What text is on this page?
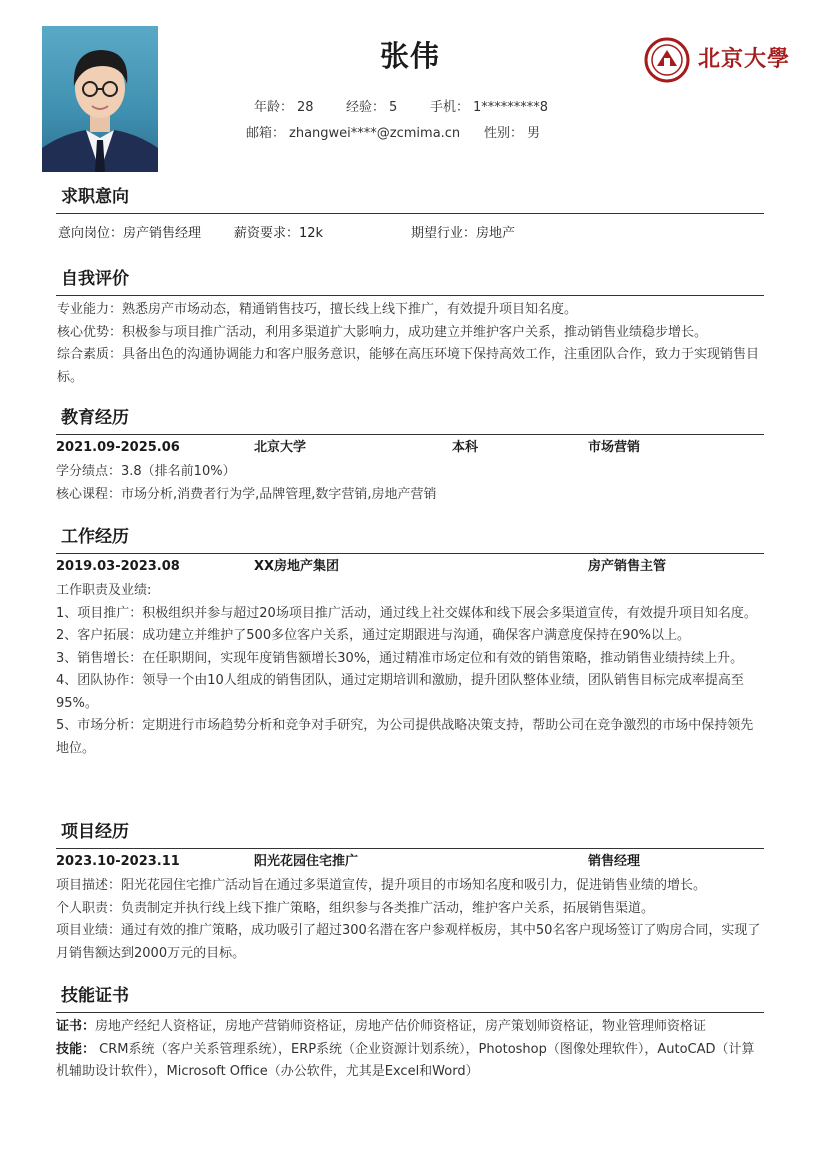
张伟
年龄： 28 经验： 5	手机： 1*********8
邮箱： zhangwei****@zcmima.cn 性别： 男
北京大學
求职意向
意向岗位：房产销售经理	薪资要求：12k	期望行业：房地产
自我评价
专业能力：熟悉房产市场动态，精通销售技巧，擅长线上线下推广，有效提升项目知名度。
核心优势：积极参与项目推广活动，利用多渠道扩大影响力，成功建立并维护客户关系，推动销售业绩稳步增长。
综合素质：具备出色的沟通协调能力和客户服务意识，能够在高压环境下保持高效工作，注重团队合作，致力于实现销售目标。
教育经历
2021.09-2025.06	北京大学	本科	市场营销
学分绩点：3.8（排名前10%）
核心课程：市场分析,消费者行为学,品牌管理,数字营销,房地产营销
工作经历
2019.03-2023.08	XX房地产集团	房产销售主管
工作职责及业绩:
1、项目推广：积极组织并参与超过20场项目推广活动，通过线上社交媒体和线下展会多渠道宣传，有效提升项目知名度。
2、客户拓展：成功建立并维护了500多位客户关系，通过定期跟进与沟通，确保客户满意度保持在90%以上。
3、销售增长：在任职期间，实现年度销售额增长30%，通过精准市场定位和有效的销售策略，推动销售业绩持续上升。
4、团队协作：领导一个由10人组成的销售团队，通过定期培训和激励，提升团队整体业绩，团队销售目标完成率提高至95%。
5、市场分析：定期进行市场趋势分析和竞争对手研究，为公司提供战略决策支持，帮助公司在竞争激烈的市场中保持领先地位。
项目经历
2023.10-2023.11	阳光花园住宅推广	销售经理
项目描述：阳光花园住宅推广活动旨在通过多渠道宣传，提升项目的市场知名度和吸引力，促进销售业绩的增长。
个人职责：负责制定并执行线上线下推广策略，组织参与各类推广活动，维护客户关系，拓展销售渠道。
项目业绩：通过有效的推广策略，成功吸引了超过300名潜在客户参观样板房，其中50名客户现场签订了购房合同，实现了月销售额达到2000万元的目标。
技能证书
证书：房地产经纪人资格证，房地产营销师资格证，房地产估价师资格证，房产策划师资格证，物业管理师资格证
技能： CRM系统（客户关系管理系统），ERP系统（企业资源计划系统），Photoshop（图像处理软件），AutoCAD（计算机辅助设计软件），Microsoft Office（办公软件，尤其是Excel和Word）
